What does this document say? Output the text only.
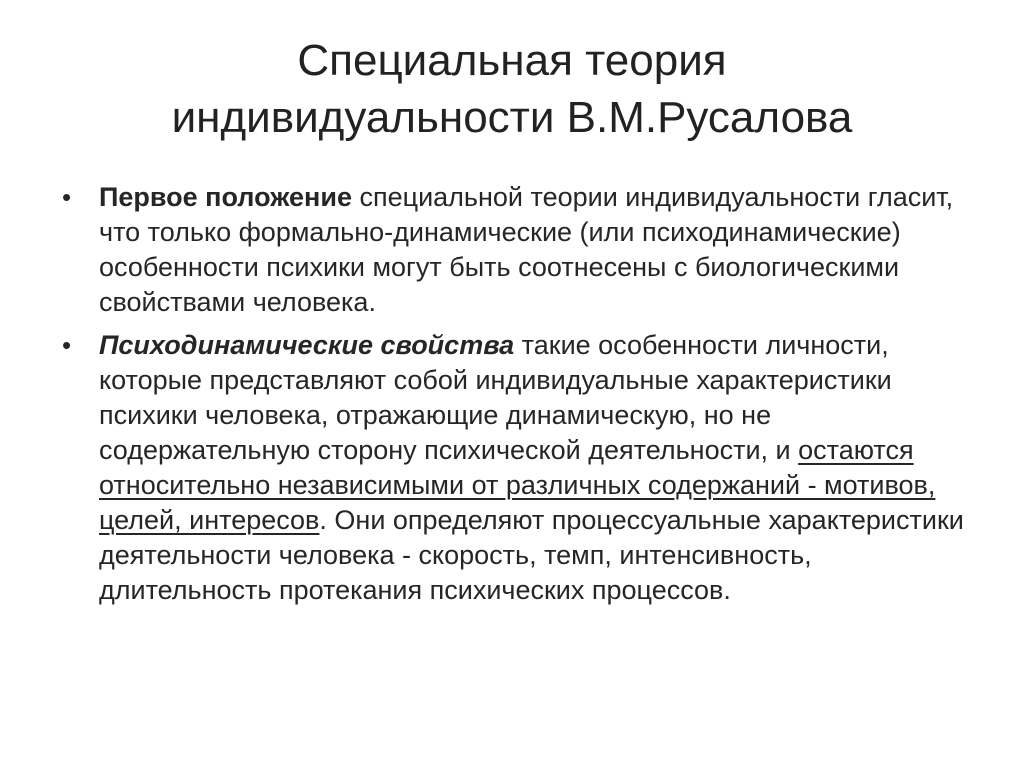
Специальная теория
индивидуальности В.М.Русалова
• Первое положение специальной теории индивидуальности гласит, что только формально-динамические (или психодинамические) особенности психики могут быть соотнесены с биологическими свойствами человека.
• Психодинамические свойства такие особенности личности, которые представляют собой индивидуальные характеристики психики человека, отражающие динамическую, но не содержательную сторону психической деятельности, и остаются относительно независимыми от различных содержаний - мотивов, целей, интересов. Они определяют процессуальные характеристики деятельности человека - скорость, темп, интенсивность, длительность протекания психических процессов.
